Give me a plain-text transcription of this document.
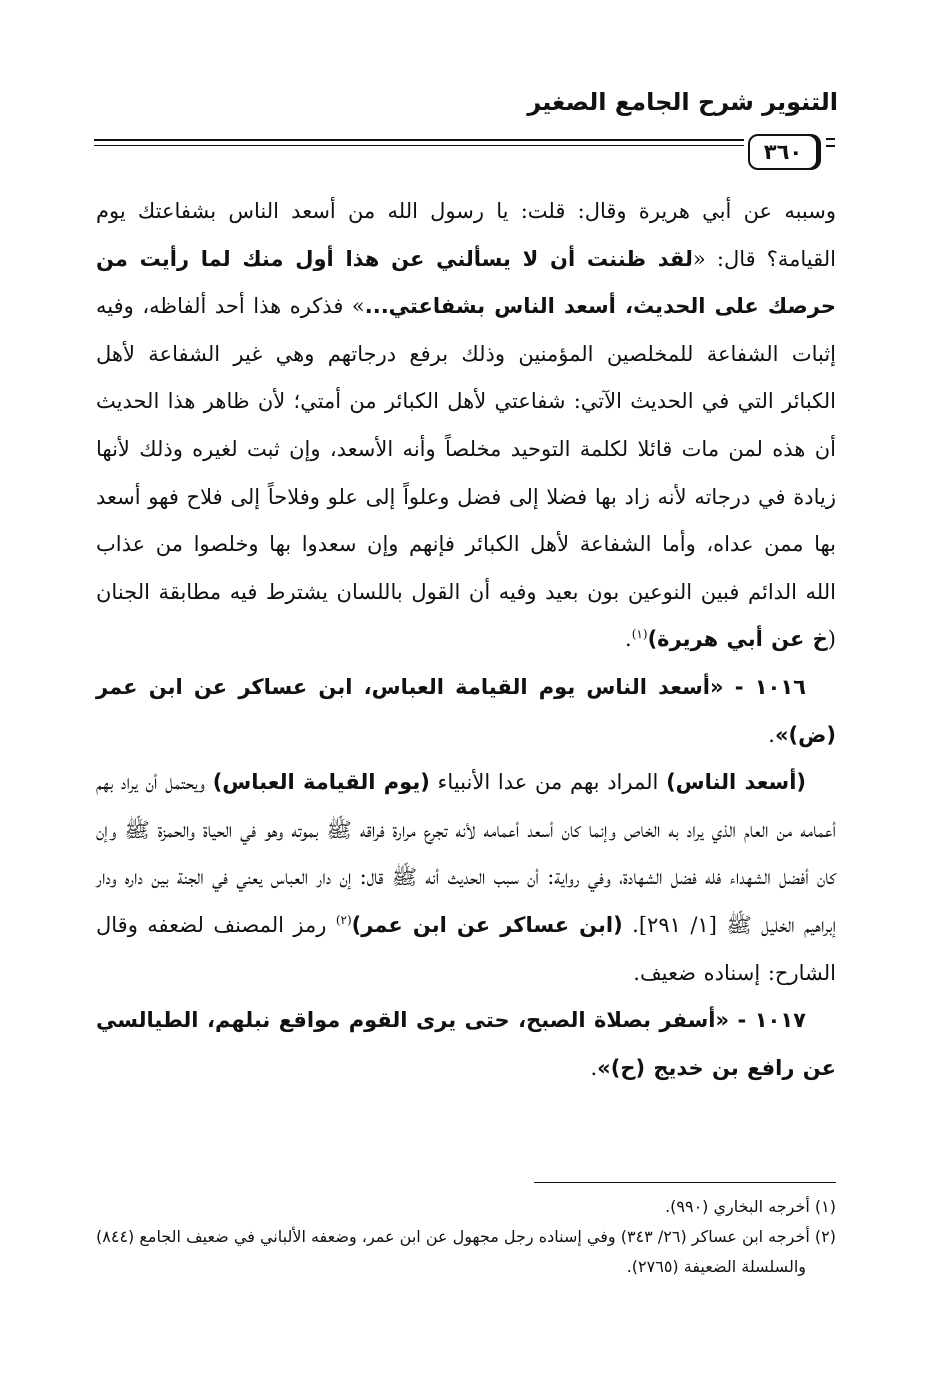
التنوير شرح الجامع الصغير
٣٦٠

وسببه عن أبي هريرة وقال: قلت: يا رسول الله من أسعد الناس بشفاعتك يوم القيامة؟ قال: «لقد ظننت أن لا يسألني عن هذا أول منك لما رأيت من حرصك على الحديث، أسعد الناس بشفاعتي...» فذكره هذا أحد ألفاظه، وفيه إثبات الشفاعة للمخلصين المؤمنين وذلك برفع درجاتهم وهي غير الشفاعة لأهل الكبائر التي في الحديث الآتي: شفاعتي لأهل الكبائر من أمتي؛ لأن ظاهر هذا الحديث أن هذه لمن مات قائلا لكلمة التوحيد مخلصاً وأنه الأسعد، وإن ثبت لغيره وذلك لأنها زيادة في درجاته لأنه زاد بها فضلا إلى فضل وعلواً إلى علو وفلاحاً إلى فلاح فهو أسعد بها ممن عداه، وأما الشفاعة لأهل الكبائر فإنهم وإن سعدوا بها وخلصوا من عذاب الله الدائم فبين النوعين بون بعيد وفيه أن القول باللسان يشترط فيه مطابقة الجنان (خ عن أبي هريرة)$^{(١)}$.

١٠١٦ - «أسعد الناس يوم القيامة العباس، ابن عساكر عن ابن عمر (ض)».

(أسعد الناس) المراد بهم من عدا الأنبياء (يوم القيامة العباس) ويحتمل أن يراد بهم أعمامه من العام الذي يراد به الخاص وإنما كان أسعد أعمامه لأنه تجرع مرارة فراقه ﷺ بموته وهو في الحياة والحمزة ﷺ وإن كان أفضل الشهداء فله فضل الشهادة، وفي رواية: أن سبب الحديث أنه ﷺ قال: إن دار العباس يعني في الجنة بين داره ودار إبراهيم الخليل ﷺ [١/ ٢٩١]. (ابن عساكر عن ابن عمر)$^{(٢)}$ رمز المصنف لضعفه وقال الشارح: إسناده ضعيف.

١٠١٧ - «أسفر بصلاة الصبح، حتى يرى القوم مواقع نبلهم، الطيالسي عن رافع بن خديج (ح)».

(١) أخرجه البخاري (٩٩٠).

(٢) أخرجه ابن عساكر (٢٦/ ٣٤٣) وفي إسناده رجل مجهول عن ابن عمر، وضعفه الألباني في ضعيف الجامع (٨٤٤) والسلسلة الضعيفة (٢٧٦٥).
